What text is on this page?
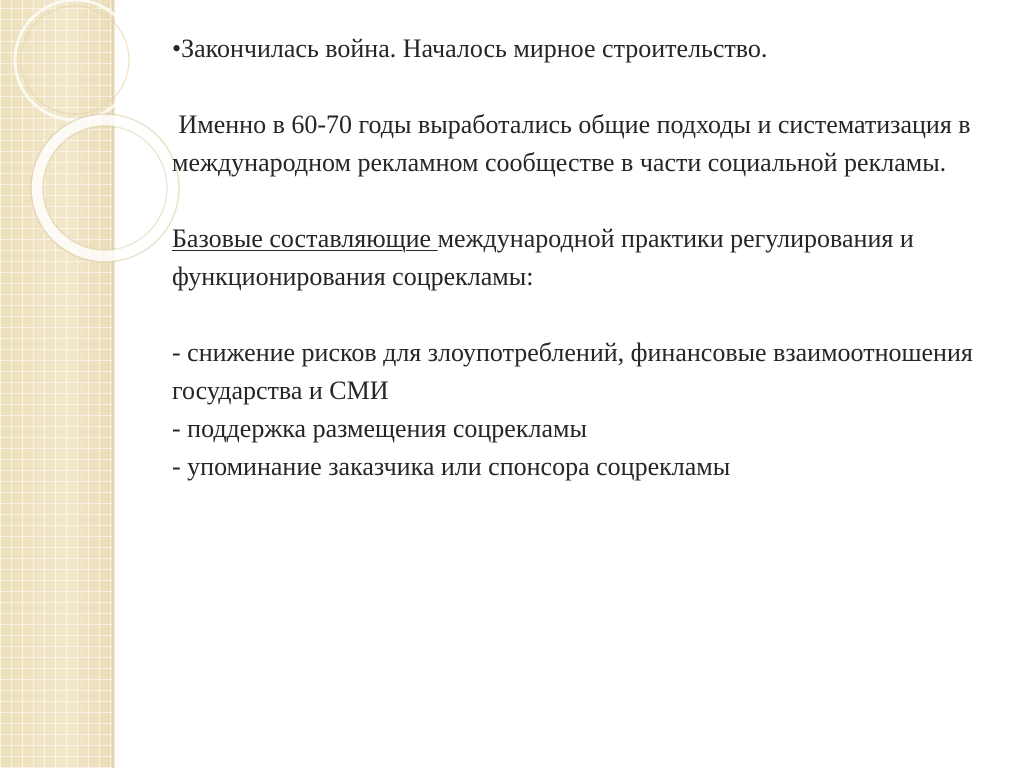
•Закончилась война. Началось мирное строительство.

Именно в 60-70 годы выработались общие подходы и систематизация в международном рекламном сообществе в части социальной рекламы.

Базовые составляющие международной практики регулирования и функционирования соцрекламы:

- снижение рисков для злоупотреблений, финансовые взаимоотношения государства и СМИ

- поддержка размещения соцрекламы

- упоминание заказчика или спонсора соцрекламы
